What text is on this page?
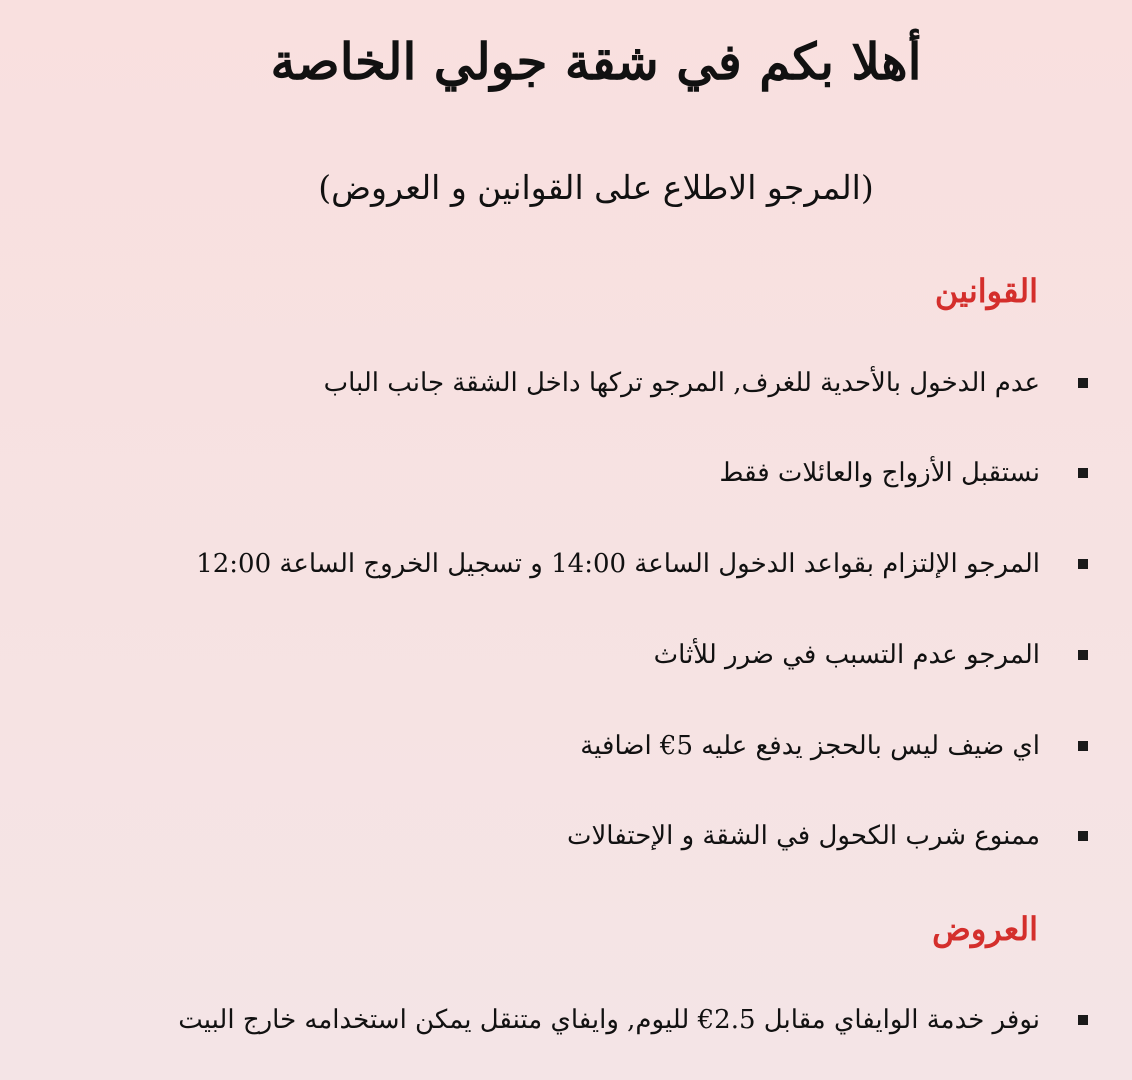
أهلا بكم في شقة جولي الخاصة

(المرجو الاطلاع على القوانين و العروض)

القوانين
عدم الدخول بالأحدية للغرف, المرجو تركها داخل الشقة جانب الباب
نستقبل الأزواج والعائلات فقط
المرجو الإلتزام بقواعد الدخول الساعة 14:00 و تسجيل الخروج الساعة 12:00
المرجو عدم التسبب في ضرر للأثاث
اي ضيف ليس بالحجز يدفع عليه 5€ اضافية
ممنوع شرب الكحول في الشقة و الإحتفالات
العروض
نوفر خدمة الوايفاي مقابل 2.5€ لليوم, وايفاي متنقل يمكن استخدامه خارج البيت
